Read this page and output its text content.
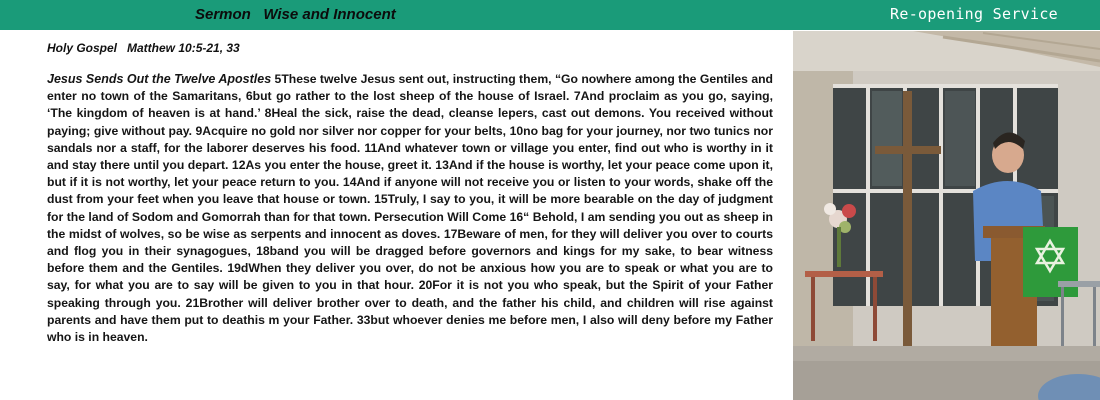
Sermon   Wise and Innocent	Re-opening Service
Holy Gospel   Matthew 10:5-21, 33

Jesus Sends Out the Twelve Apostles 5These twelve Jesus sent out, instructing them, “Go nowhere among the Gentiles and enter no town of the Samaritans, 6but go rather to the lost sheep of the house of Israel. 7And proclaim as you go, saying, ‘The kingdom of heaven is at hand.’ 8Heal the sick, raise the dead, cleanse lepers, cast out demons. You received without paying; give without pay. 9Acquire no gold nor silver nor copper for your belts, 10no bag for your journey, nor two tunics nor sandals nor a staff, for the laborer deserves his food. 11And whatever town or village you enter, find out who is worthy in it and stay there until you depart. 12As you enter the house, greet it. 13And if the house is worthy, let your peace come upon it, but if it is not worthy, let your peace return to you. 14And if anyone will not receive you or listen to your words, shake off the dust from your feet when you leave that house or town. 15Truly, I say to you, it will be more bearable on the day of judgment for the land of Sodom and Gomorrah than for that town. Persecution Will Come 16“ Behold, I am sending you out as sheep in the midst of wolves, so be wise as serpents and innocent as doves. 17Beware of men, for they will deliver you over to courts and flog you in their synagogues, 18band you will be dragged before governors and kings for my sake, to bear witness before them and the Gentiles. 19dWhen they deliver you over, do not be anxious how you are to speak or what you are to say, for what you are to say will be given to you in that hour. 20For it is not you who speak, but the Spirit of your Father speaking through you. 21Brother will deliver brother over to death, and the father his child, and children will rise against parents and have them put to deathis m your Father. 33but whoever denies me before men, I also will deny before my Father who is in heaven.
